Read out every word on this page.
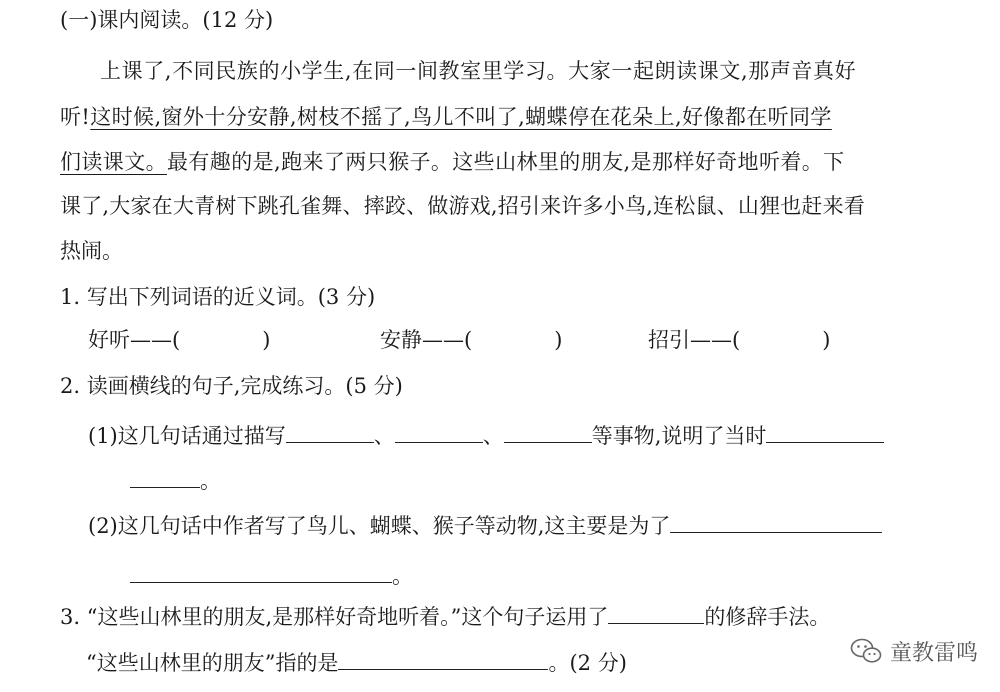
(一)课内阅读。(12 分)
上课了,不同民族的小学生,在同一间教室里学习。大家一起朗读课文,那声音真好
听!这时候,窗外十分安静,树枝不摇了,鸟儿不叫了,蝴蝶停在花朵上,好像都在听同学
们读课文。最有趣的是,跑来了两只猴子。这些山林里的朋友,是那样好奇地听着。下
课了,大家在大青树下跳孔雀舞、摔跤、做游戏,招引来许多小鸟,连松鼠、山狸也赶来看
热闹。
1. 写出下列词语的近义词。(3 分)
好听——(	)	安静——(	)	招引——(	)
2. 读画横线的句子,完成练习。(5 分)
(1)这几句话通过描写	、	、	等事物,说明了当时
。
(2)这几句话中作者写了鸟儿、蝴蝶、猴子等动物,这主要是为了
。
3. “这些山林里的朋友,是那样好奇地听着。”这个句子运用了	的修辞手法。
“这些山林里的朋友”指的是	。(2 分)	童教雷鸣
